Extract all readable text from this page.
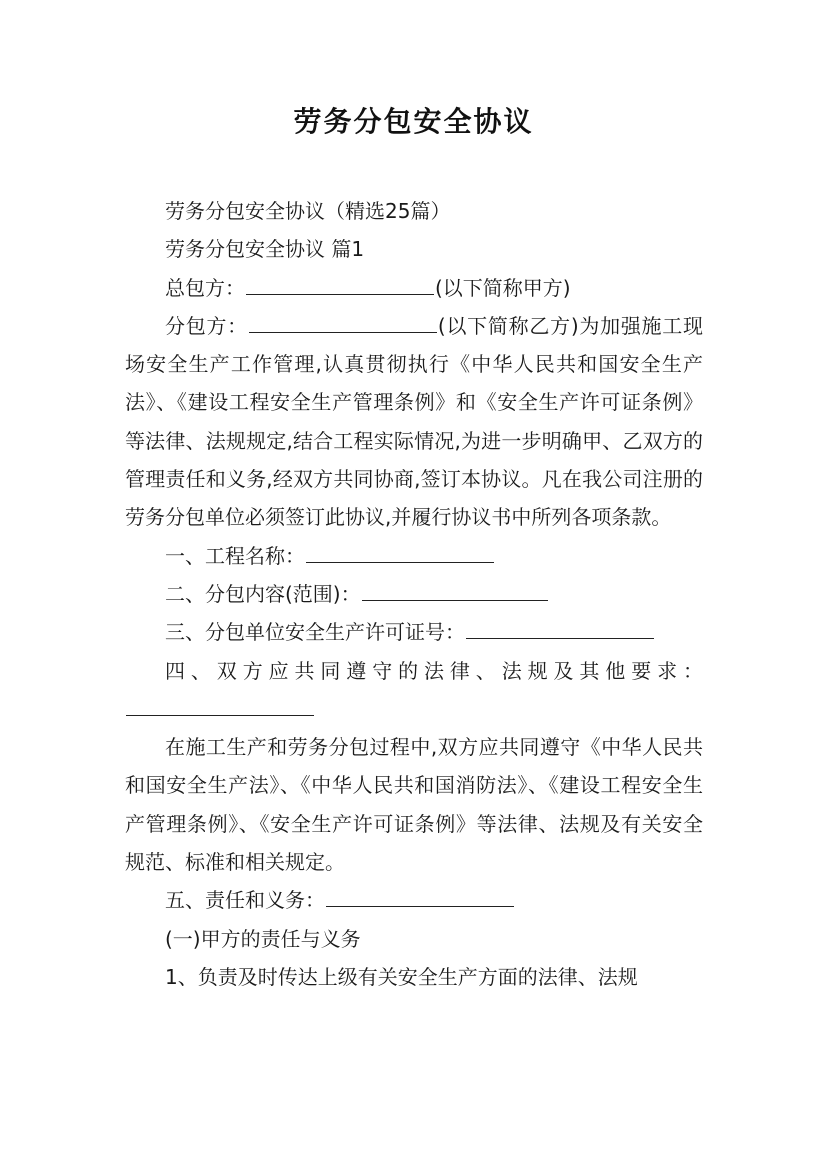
劳务分包安全协议

劳务分包安全协议（精选25篇）

劳务分包安全协议 篇1

总包方：	(以下简称甲方)

分包方：	(以下简称乙方)为加强施工现场安全生产工作管理,认真贯彻执行《中华人民共和国安全生产法》、《建设工程安全生产管理条例》和《安全生产许可证条例》等法律、法规规定,结合工程实际情况,为进一步明确甲、乙双方的管理责任和义务,经双方共同协商,签订本协议。凡在我公司注册的劳务分包单位必须签订此协议,并履行协议书中所列各项条款。

一、工程名称：

二、分包内容(范围)：

三、分包单位安全生产许可证号：

四、双方应共同遵守的法律、法规及其他要求：

在施工生产和劳务分包过程中,双方应共同遵守《中华人民共和国安全生产法》、《中华人民共和国消防法》、《建设工程安全生产管理条例》、《安全生产许可证条例》等法律、法规及有关安全规范、标准和相关规定。

五、责任和义务：

(一)甲方的责任与义务

1、负责及时传达上级有关安全生产方面的法律、法规
